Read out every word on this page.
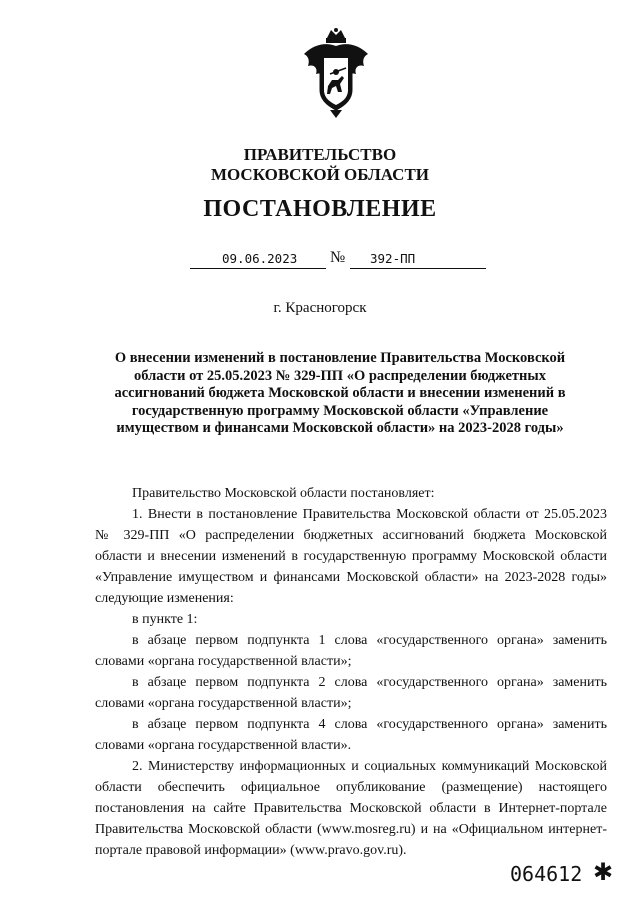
ПРАВИТЕЛЬСТВО
МОСКОВСКОЙ ОБЛАСТИ
ПОСТАНОВЛЕНИЕ
09.06.2023 № 392-ПП
г. Красногорск
О внесении изменений в постановление Правительства Московской области от 25.05.2023 № 329-ПП «О распределении бюджетных ассигнований бюджета Московской области и внесении изменений в государственную программу Московской области «Управление имуществом и финансами Московской области» на 2023-2028 годы»

Правительство Московской области постановляет:

1. Внести в постановление Правительства Московской области от 25.05.2023 № 329-ПП «О распределении бюджетных ассигнований бюджета Московской области и внесении изменений в государственную программу Московской области «Управление имуществом и финансами Московской области» на 2023-2028 годы» следующие изменения:

в пункте 1:

в абзаце первом подпункта 1 слова «государственного органа» заменить словами «органа государственной власти»;

в абзаце первом подпункта 2 слова «государственного органа» заменить словами «органа государственной власти»;

в абзаце первом подпункта 4 слова «государственного органа» заменить словами «органа государственной власти».

2. Министерству информационных и социальных коммуникаций Московской области обеспечить официальное опубликование (размещение) настоящего постановления на сайте Правительства Московской области в Интернет-портале Правительства Московской области (www.mosreg.ru) и на «Официальном интернет-портале правовой информации» (www.pravo.gov.ru).

064612 ✱
